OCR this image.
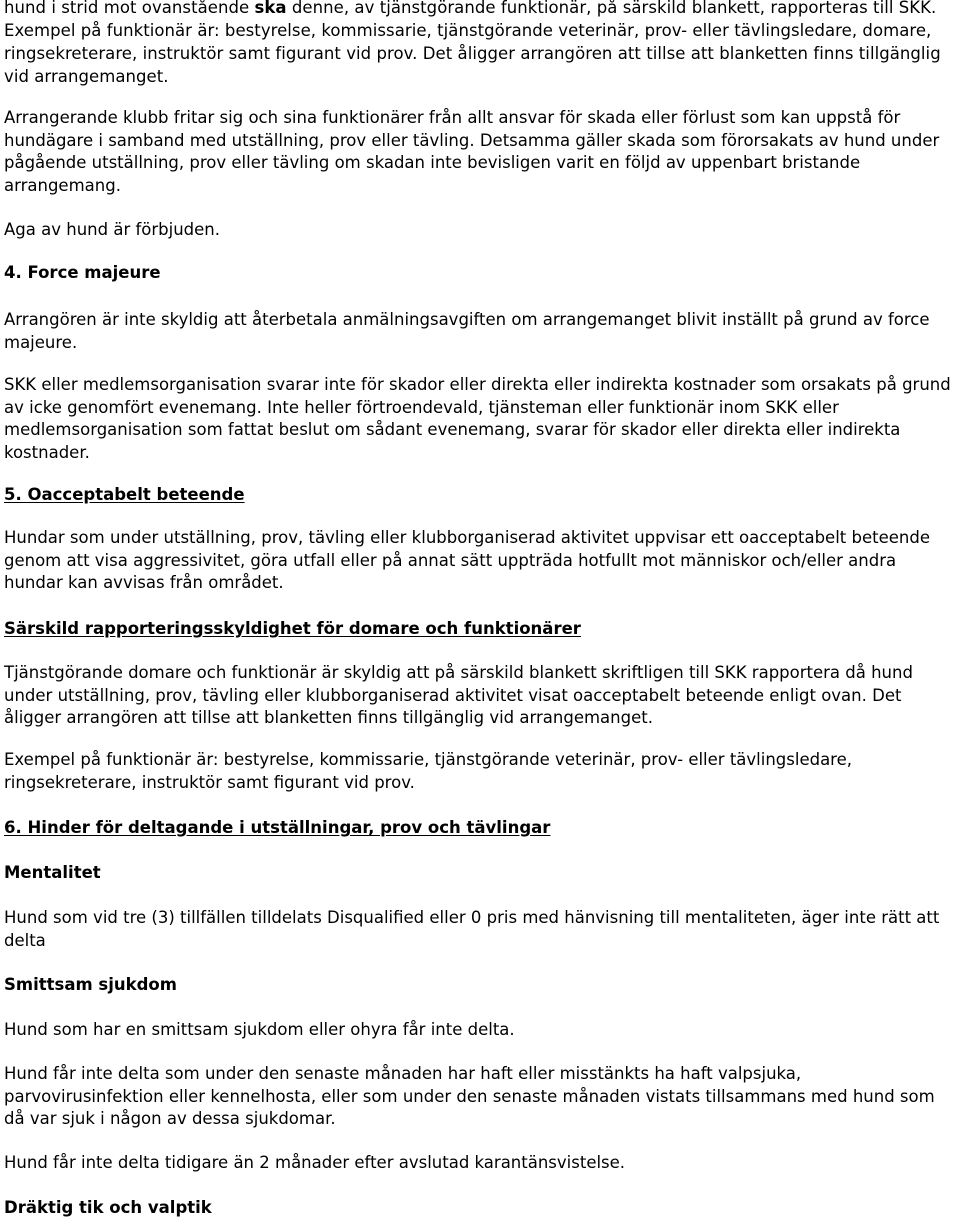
hund i strid mot ovanstående ska denne, av tjänstgörande funktionär, på särskild blankett, rapporteras till SKK. Exempel på funktionär är: bestyrelse, kommissarie, tjänstgörande veterinär, prov- eller tävlingsledare, domare, ringsekreterare, instruktör samt figurant vid prov. Det åligger arrangören att tillse att blanketten finns tillgänglig vid arrangemanget.
Arrangerande klubb fritar sig och sina funktionärer från allt ansvar för skada eller förlust som kan uppstå för hundägare i samband med utställning, prov eller tävling. Detsamma gäller skada som förorsakats av hund under pågående utställning, prov eller tävling om skadan inte bevisligen varit en följd av uppenbart bristande arrangemang.
Aga av hund är förbjuden.
4. Force majeure
Arrangören är inte skyldig att återbetala anmälningsavgiften om arrangemanget blivit inställt på grund av force majeure.
SKK eller medlemsorganisation svarar inte för skador eller direkta eller indirekta kostnader som orsakats på grund av icke genomfört evenemang. Inte heller förtroendevald, tjänsteman eller funktionär inom SKK eller medlemsorganisation som fattat beslut om sådant evenemang, svarar för skador eller direkta eller indirekta kostnader.
5. Oacceptabelt beteende
Hundar som under utställning, prov, tävling eller klubborganiserad aktivitet uppvisar ett oacceptabelt beteende genom att visa aggressivitet, göra utfall eller på annat sätt uppträda hotfullt mot människor och/eller andra hundar kan avvisas från området.
Särskild rapporteringsskyldighet för domare och funktionärer
Tjänstgörande domare och funktionär är skyldig att på särskild blankett skriftligen till SKK rapportera då hund under utställning, prov, tävling eller klubborganiserad aktivitet visat oacceptabelt beteende enligt ovan. Det åligger arrangören att tillse att blanketten finns tillgänglig vid arrangemanget.
Exempel på funktionär är: bestyrelse, kommissarie, tjänstgörande veterinär, prov- eller tävlingsledare, ringsekreterare, instruktör samt figurant vid prov.
6. Hinder för deltagande i utställningar, prov och tävlingar
Mentalitet
Hund som vid tre (3) tillfällen tilldelats Disqualified eller 0 pris med hänvisning till mentaliteten, äger inte rätt att delta
Smittsam sjukdom
Hund som har en smittsam sjukdom eller ohyra får inte delta.
Hund får inte delta som under den senaste månaden har haft eller misstänkts ha haft valpsjuka, parvovirusinfektion eller kennelhosta, eller som under den senaste månaden vistats tillsammans med hund som då var sjuk i någon av dessa sjukdomar.
Hund får inte delta tidigare än 2 månader efter avslutad karantänsvistelse.
Dräktig tik och valptik
